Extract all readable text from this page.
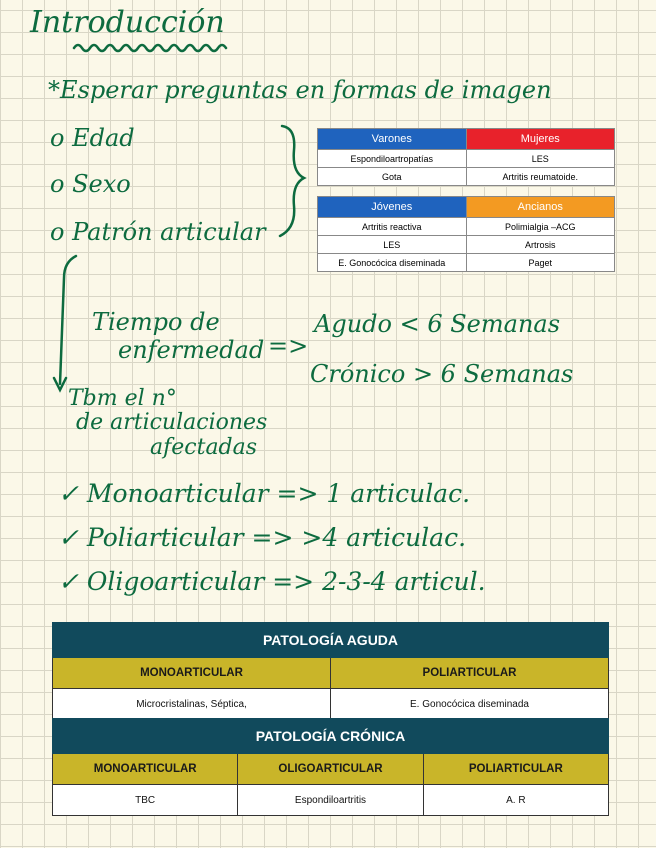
Introducción
*Esperar preguntas en formas de imagen
o Edad
o Sexo
o Patrón articular
Varones	Mujeres
Espondiloartropatías	LES
Gota	Artritis reumatoide.
Jóvenes	Ancianos
Artritis reactiva	Polimialgia –ACG
LES	Artrosis
E. Gonocócica diseminada	Paget
Tiempo de
enfermedad =>
Agudo < 6 Semanas
Crónico > 6 Semanas
Tbm el n°
de articulaciones
afectadas
✓ Monoarticular => 1 articulac.
✓ Poliarticular => >4 articulac.
✓ Oligoarticular => 2-3-4 articul.
PATOLOGÍA AGUDA	
MONOARTICULAR	POLIARTICULAR
Microcristalinas, Séptica,	E. Gonocócica diseminada
PATOLOGÍA CRÓNICA		
MONOARTICULAR	OLIGOARTICULAR	POLIARTICULAR
TBC	Espondiloartritis	A. R
